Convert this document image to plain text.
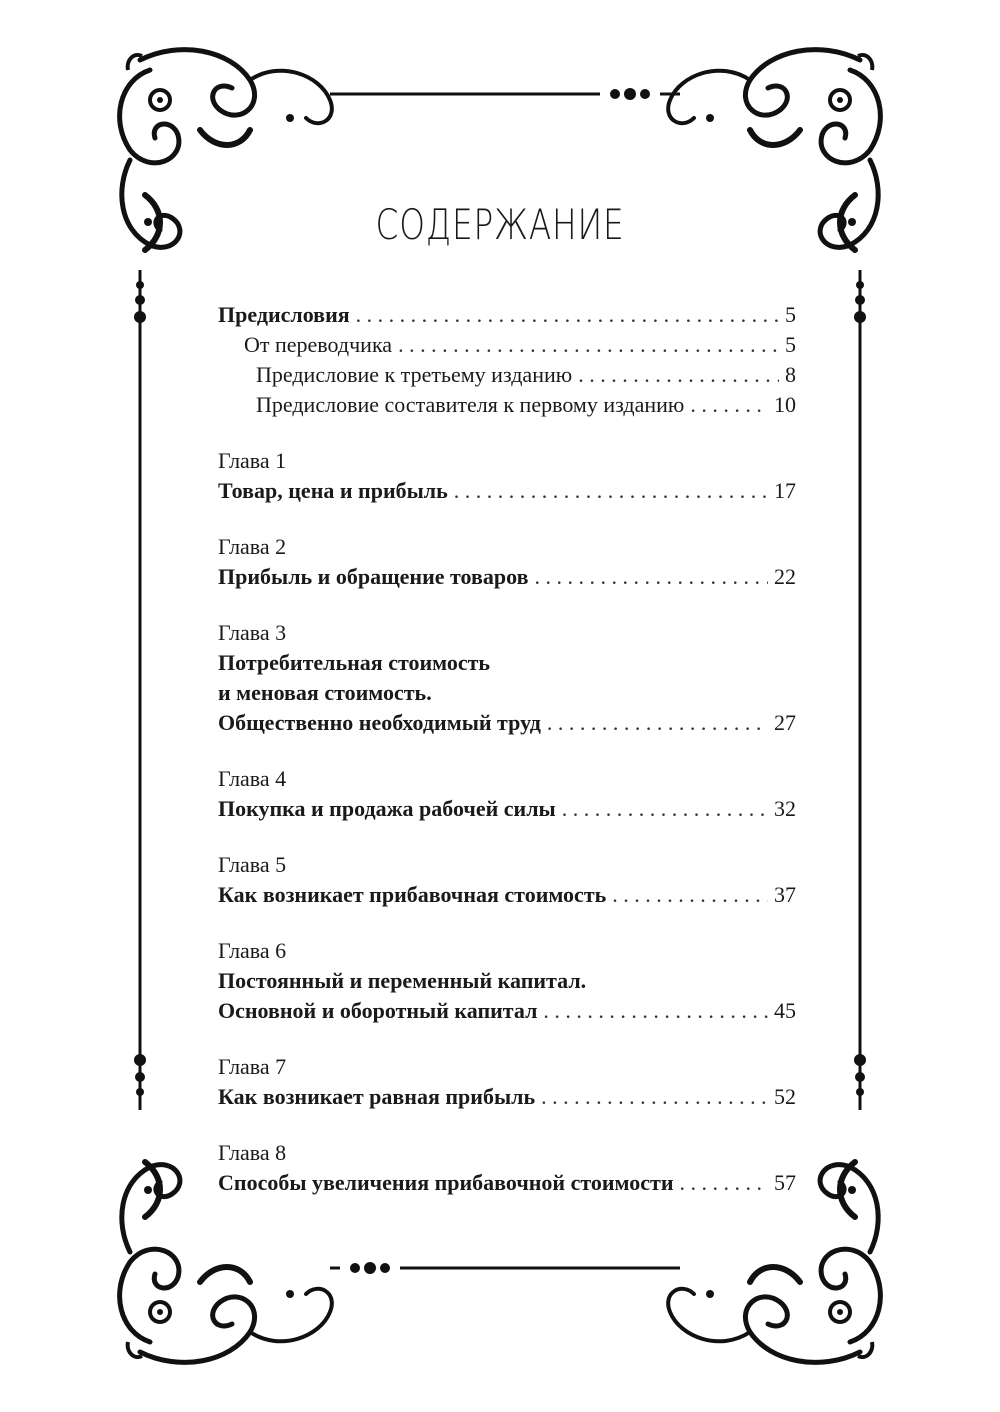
СОДЕРЖАНИЕ
Предисловия . . .	5
От переводчика . . .	5
Предисловие к третьему изданию . . .	8
Предисловие составителя к первому изданию . . .	10
Глава 1
Товар, цена и прибыль . . .	17
Глава 2
Прибыль и обращение товаров . . .	22
Глава 3
Потребительная стоимость
и меновая стоимость.
Общественно необходимый труд . . .	27
Глава 4
Покупка и продажа рабочей силы . . .	32
Глава 5
Как возникает прибавочная стоимость . . .	37
Глава 6
Постоянный и переменный капитал.
Основной и оборотный капитал . . .	45
Глава 7
Как возникает равная прибыль . . .	52
Глава 8
Способы увеличения прибавочной стоимости . . .	57
